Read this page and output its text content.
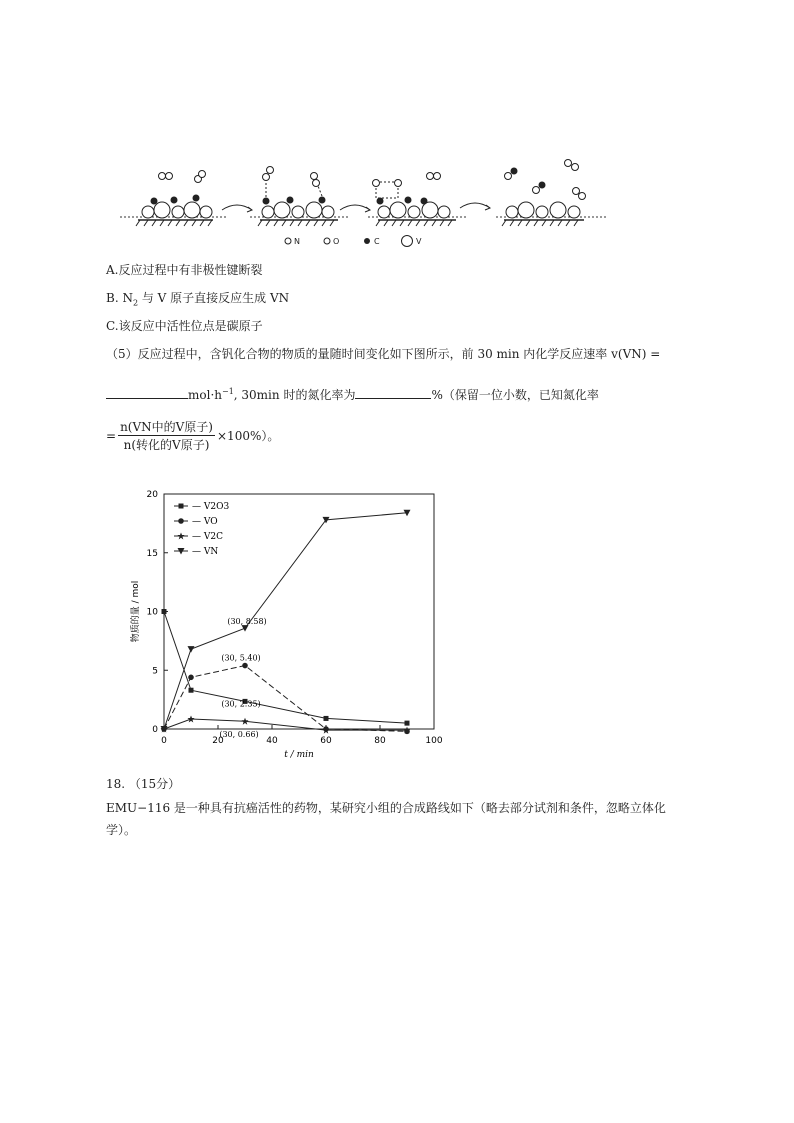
N	O	C	V
A.反应过程中有非极性键断裂
B. $N_2$ 与 V 原子直接反应生成 VN
C.该反应中活性位点是碳原子
（5）反应过程中，含钒化合物的物质的量随时间变化如下图所示，前 30 min 内化学反应速率 v(VN) =
$mol\cdot h^{-1}$, 30min 时的氮化率为	%（保留一位小数，已知氮化率
= $\frac{\text{n(VN中的V原子)}}{\text{n(转化的V原子)}} \times 100\%$）。
0	20	40	60	80	100
0
5
10
15
20
t / min
物质的量 / mol
— V2O3
— VO
— V2C
— VN
(30, 8.58)
(30, 5.40)
(30, 2.35)
(30, 0.66)
18. （15分）
EMU−116 是一种具有抗癌活性的药物，某研究小组的合成路线如下（略去部分试剂和条件，忽略立体化
学）。
